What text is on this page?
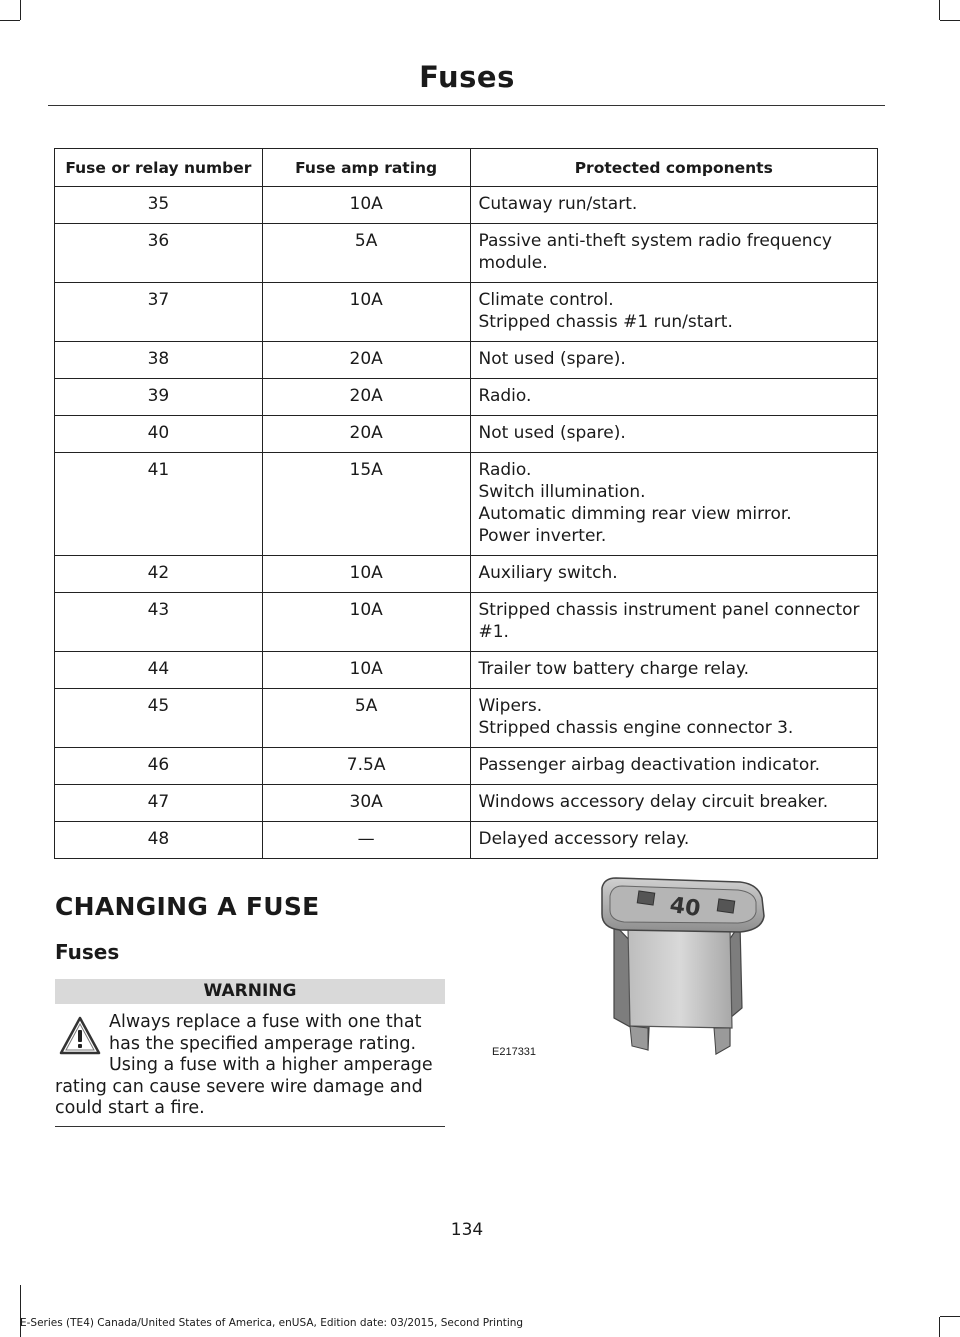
Fuses
Fuse or relay number	Fuse amp rating	Protected components
35	10A	Cutaway run/start.

36	5A	Passive anti-theft system radio frequency module.

37	10A	Climate control.
Stripped chassis #1 run/start.

38	20A	Not used (spare).

39	20A	Radio.

40	20A	Not used (spare).

41	15A	Radio.
Switch illumination.
Automatic dimming rear view mirror.
Power inverter.

42	10A	Auxiliary switch.

43	10A	Stripped chassis instrument panel connector #1.

44	10A	Trailer tow battery charge relay.

45	5A	Wipers.
Stripped chassis engine connector 3.

46	7.5A	Passenger airbag deactivation indicator.

47	30A	Windows accessory delay circuit breaker.

48	—	Delayed accessory relay.
CHANGING A FUSE
Fuses
WARNING
Always replace a fuse with one that has the specified amperage rating. Using a fuse with a higher amperage rating can cause severe wire damage and could start a fire.
40
E217331
134
E-Series (TE4) Canada/United States of America, enUSA, Edition date: 03/2015, Second Printing
